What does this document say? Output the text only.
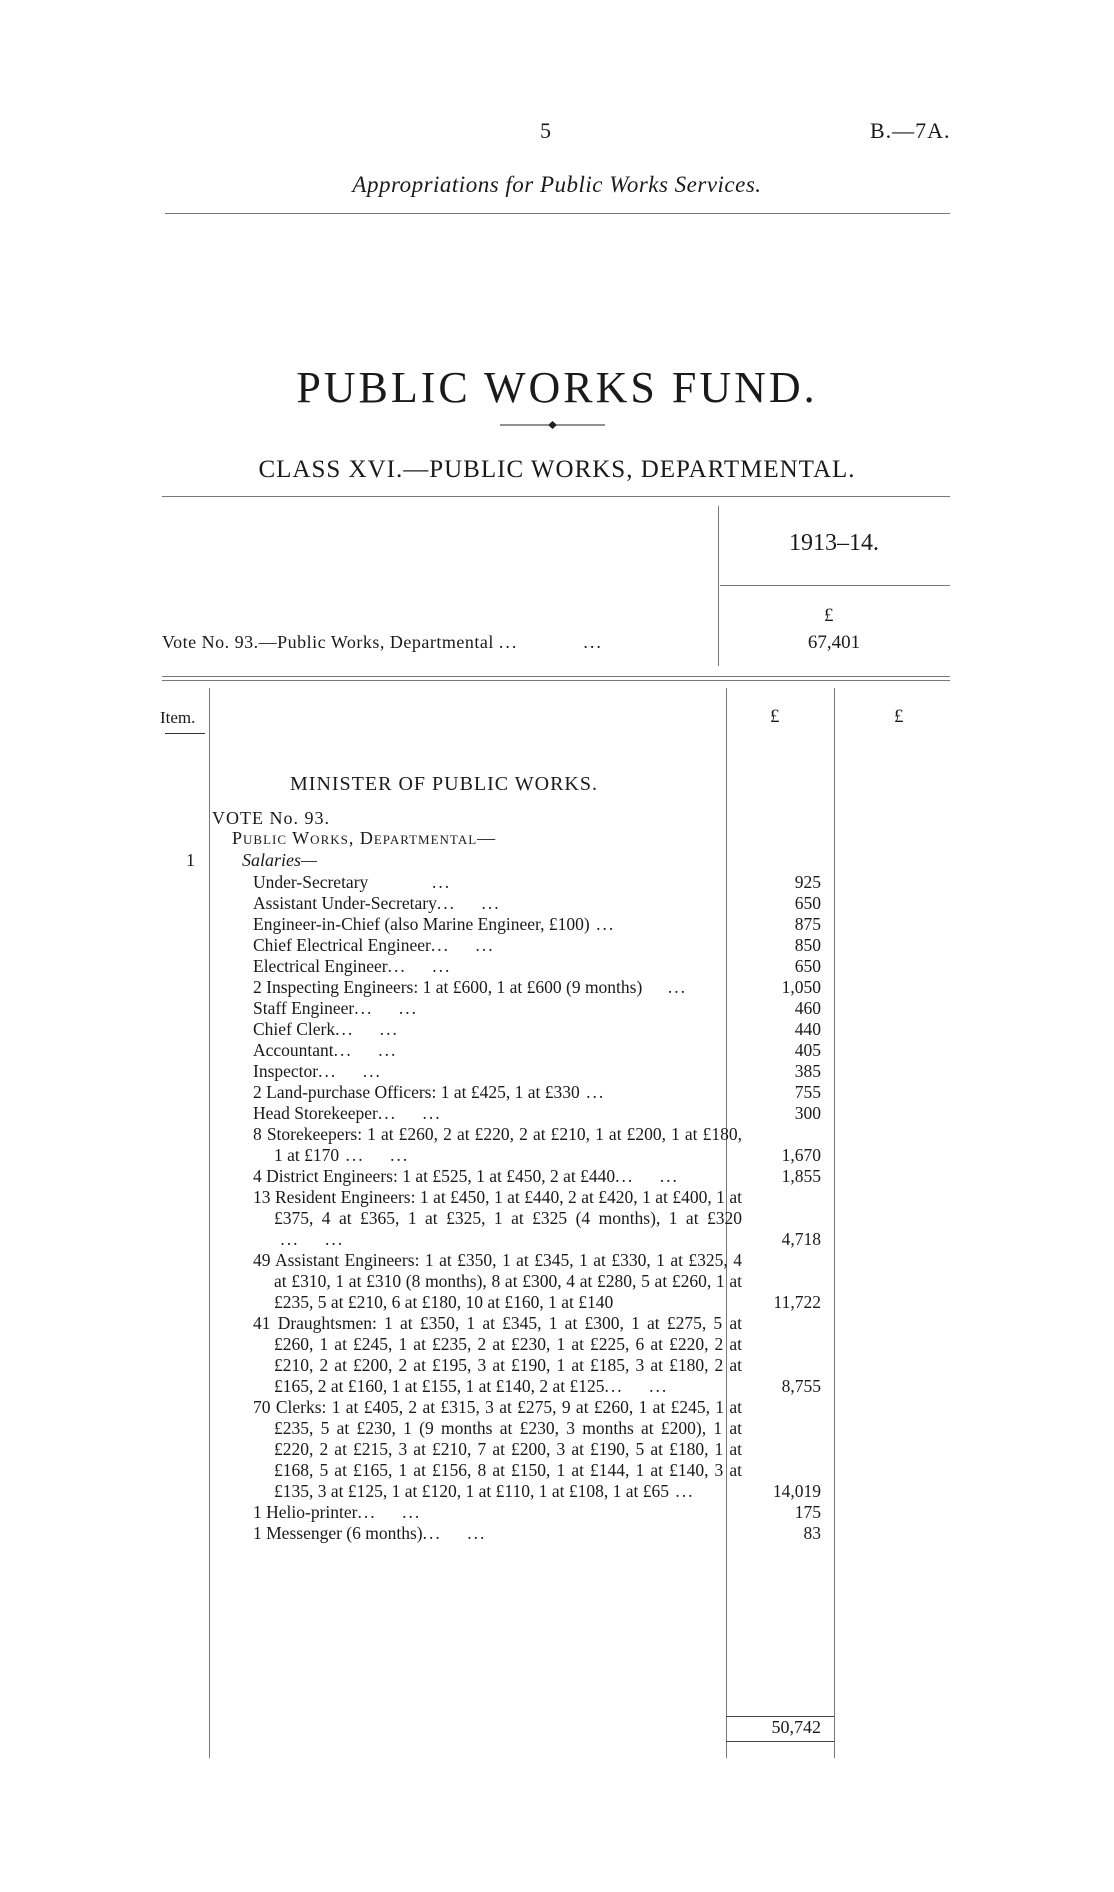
5	B.—7A.
Appropriations for Public Works Services.
PUBLIC WORKS FUND.
CLASS XVI.—PUBLIC WORKS, DEPARTMENTAL.
1913–14.
£
Vote No. 93.—Public Works, Departmental ...          ...	67,401
Item.	£	£
MINISTER OF PUBLIC WORKS.
VOTE No. 93.
Public Works, Departmental—
1	Salaries—
Under-Secretary          ...	925
Assistant Under-Secretary...    ...	650
Engineer-in-Chief (also Marine Engineer, £100) ...	875
Chief Electrical Engineer...    ...	850
Electrical Engineer...    ...	650
2 Inspecting Engineers: 1 at £600, 1 at £600 (9 months)    ...	1,050
Staff Engineer...    ...	460
Chief Clerk...    ...	440
Accountant...    ...	405
Inspector...    ...	385
2 Land-purchase Officers: 1 at £425, 1 at £330 ...	755
Head Storekeeper...    ...	300
8 Storekeepers: 1 at £260, 2 at £220, 2 at £210, 1 at £200, 1 at £180, 1 at £170 ...    ...	1,670
4 District Engineers: 1 at £525, 1 at £450, 2 at £440...    ...	1,855
13 Resident Engineers: 1 at £450, 1 at £440, 2 at £420, 1 at £400, 1 at £375, 4 at £365, 1 at £325, 1 at £325 (4 months), 1 at £320 ...    ...	4,718
49 Assistant Engineers: 1 at £350, 1 at £345, 1 at £330, 1 at £325, 4 at £310, 1 at £310 (8 months), 8 at £300, 4 at £280, 5 at £260, 1 at £235, 5 at £210, 6 at £180, 10 at £160, 1 at £140	11,722
41 Draughtsmen: 1 at £350, 1 at £345, 1 at £300, 1 at £275, 5 at £260, 1 at £245, 1 at £235, 2 at £230, 1 at £225, 6 at £220, 2 at £210, 2 at £200, 2 at £195, 3 at £190, 1 at £185, 3 at £180, 2 at £165, 2 at £160, 1 at £155, 1 at £140, 2 at £125...    ...	8,755
70 Clerks: 1 at £405, 2 at £315, 3 at £275, 9 at £260, 1 at £245, 1 at £235, 5 at £230, 1 (9 months at £230, 3 months at £200), 1 at £220, 2 at £215, 3 at £210, 7 at £200, 3 at £190, 5 at £180, 1 at £168, 5 at £165, 1 at £156, 8 at £150, 1 at £144, 1 at £140, 3 at £135, 3 at £125, 1 at £120, 1 at £110, 1 at £108, 1 at £65 ...	14,019
1 Helio-printer...    ...	175
1 Messenger (6 months)...    ...	83
50,742
